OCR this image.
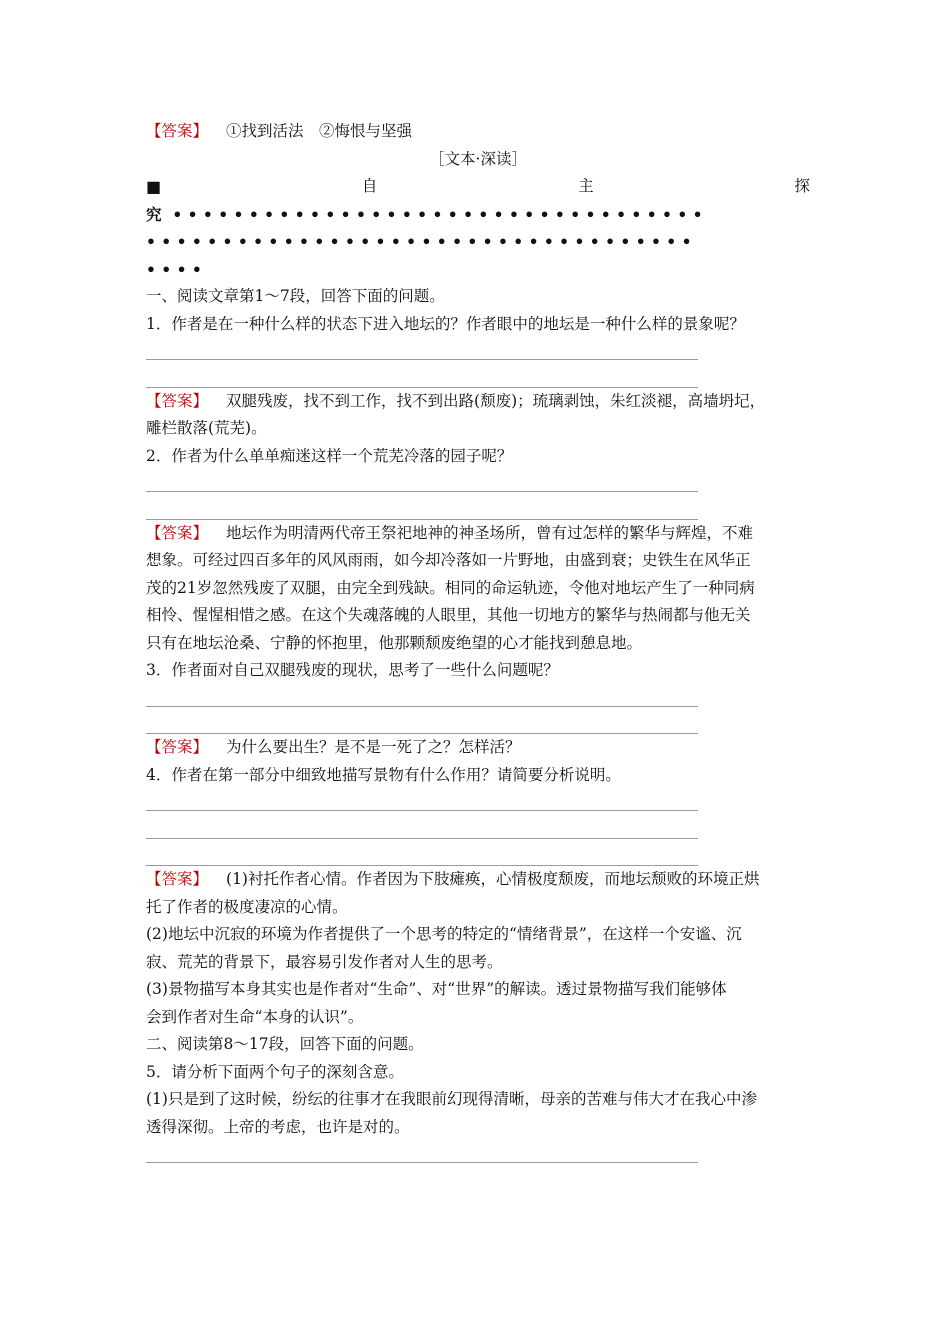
【答案】 ①找到活法　②悔恨与坚强
［文本·深读］
■	自	主	探
究 • • • • • • • • • • • • • • • • • • • • • • • • • • • • • • • • • • •
• • • • • • • • • • • • • • • • • • • • • • • • • • • • • • • • • • • •
• • • •
一、阅读文章第1～7段，回答下面的问题。
1．作者是在一种什么样的状态下进入地坛的？作者眼中的地坛是一种什么样的景象呢？
【答案】 双腿残废，找不到工作，找不到出路(颓废)；琉璃剥蚀，朱红淡褪，高墙坍圮，
雕栏散落(荒芜)。
2．作者为什么单单痴迷这样一个荒芜冷落的园子呢？
【答案】 地坛作为明清两代帝王祭祀地神的神圣场所，曾有过怎样的繁华与辉煌，不难
想象。可经过四百多年的风风雨雨，如今却冷落如一片野地，由盛到衰；史铁生在风华正
茂的21岁忽然残废了双腿，由完全到残缺。相同的命运轨迹，令他对地坛产生了一种同病
相怜、惺惺相惜之感。在这个失魂落魄的人眼里，其他一切地方的繁华与热闹都与他无关
只有在地坛沧桑、宁静的怀抱里，他那颗颓废绝望的心才能找到憩息地。
3．作者面对自己双腿残废的现状，思考了一些什么问题呢？
【答案】 为什么要出生？是不是一死了之？怎样活？
4．作者在第一部分中细致地描写景物有什么作用？请简要分析说明。
【答案】 (1)衬托作者心情。作者因为下肢瘫痪，心情极度颓废，而地坛颓败的环境正烘
托了作者的极度凄凉的心情。
(2)地坛中沉寂的环境为作者提供了一个思考的特定的“情绪背景”，在这样一个安谧、沉
寂、荒芜的背景下，最容易引发作者对人生的思考。
(3)景物描写本身其实也是作者对“生命”、对“世界”的解读。透过景物描写我们能够体
会到作者对生命“本身的认识”。
二、阅读第8～17段，回答下面的问题。
5．请分析下面两个句子的深刻含意。
(1)只是到了这时候，纷纭的往事才在我眼前幻现得清晰，母亲的苦难与伟大才在我心中渗
透得深彻。上帝的考虑，也许是对的。
